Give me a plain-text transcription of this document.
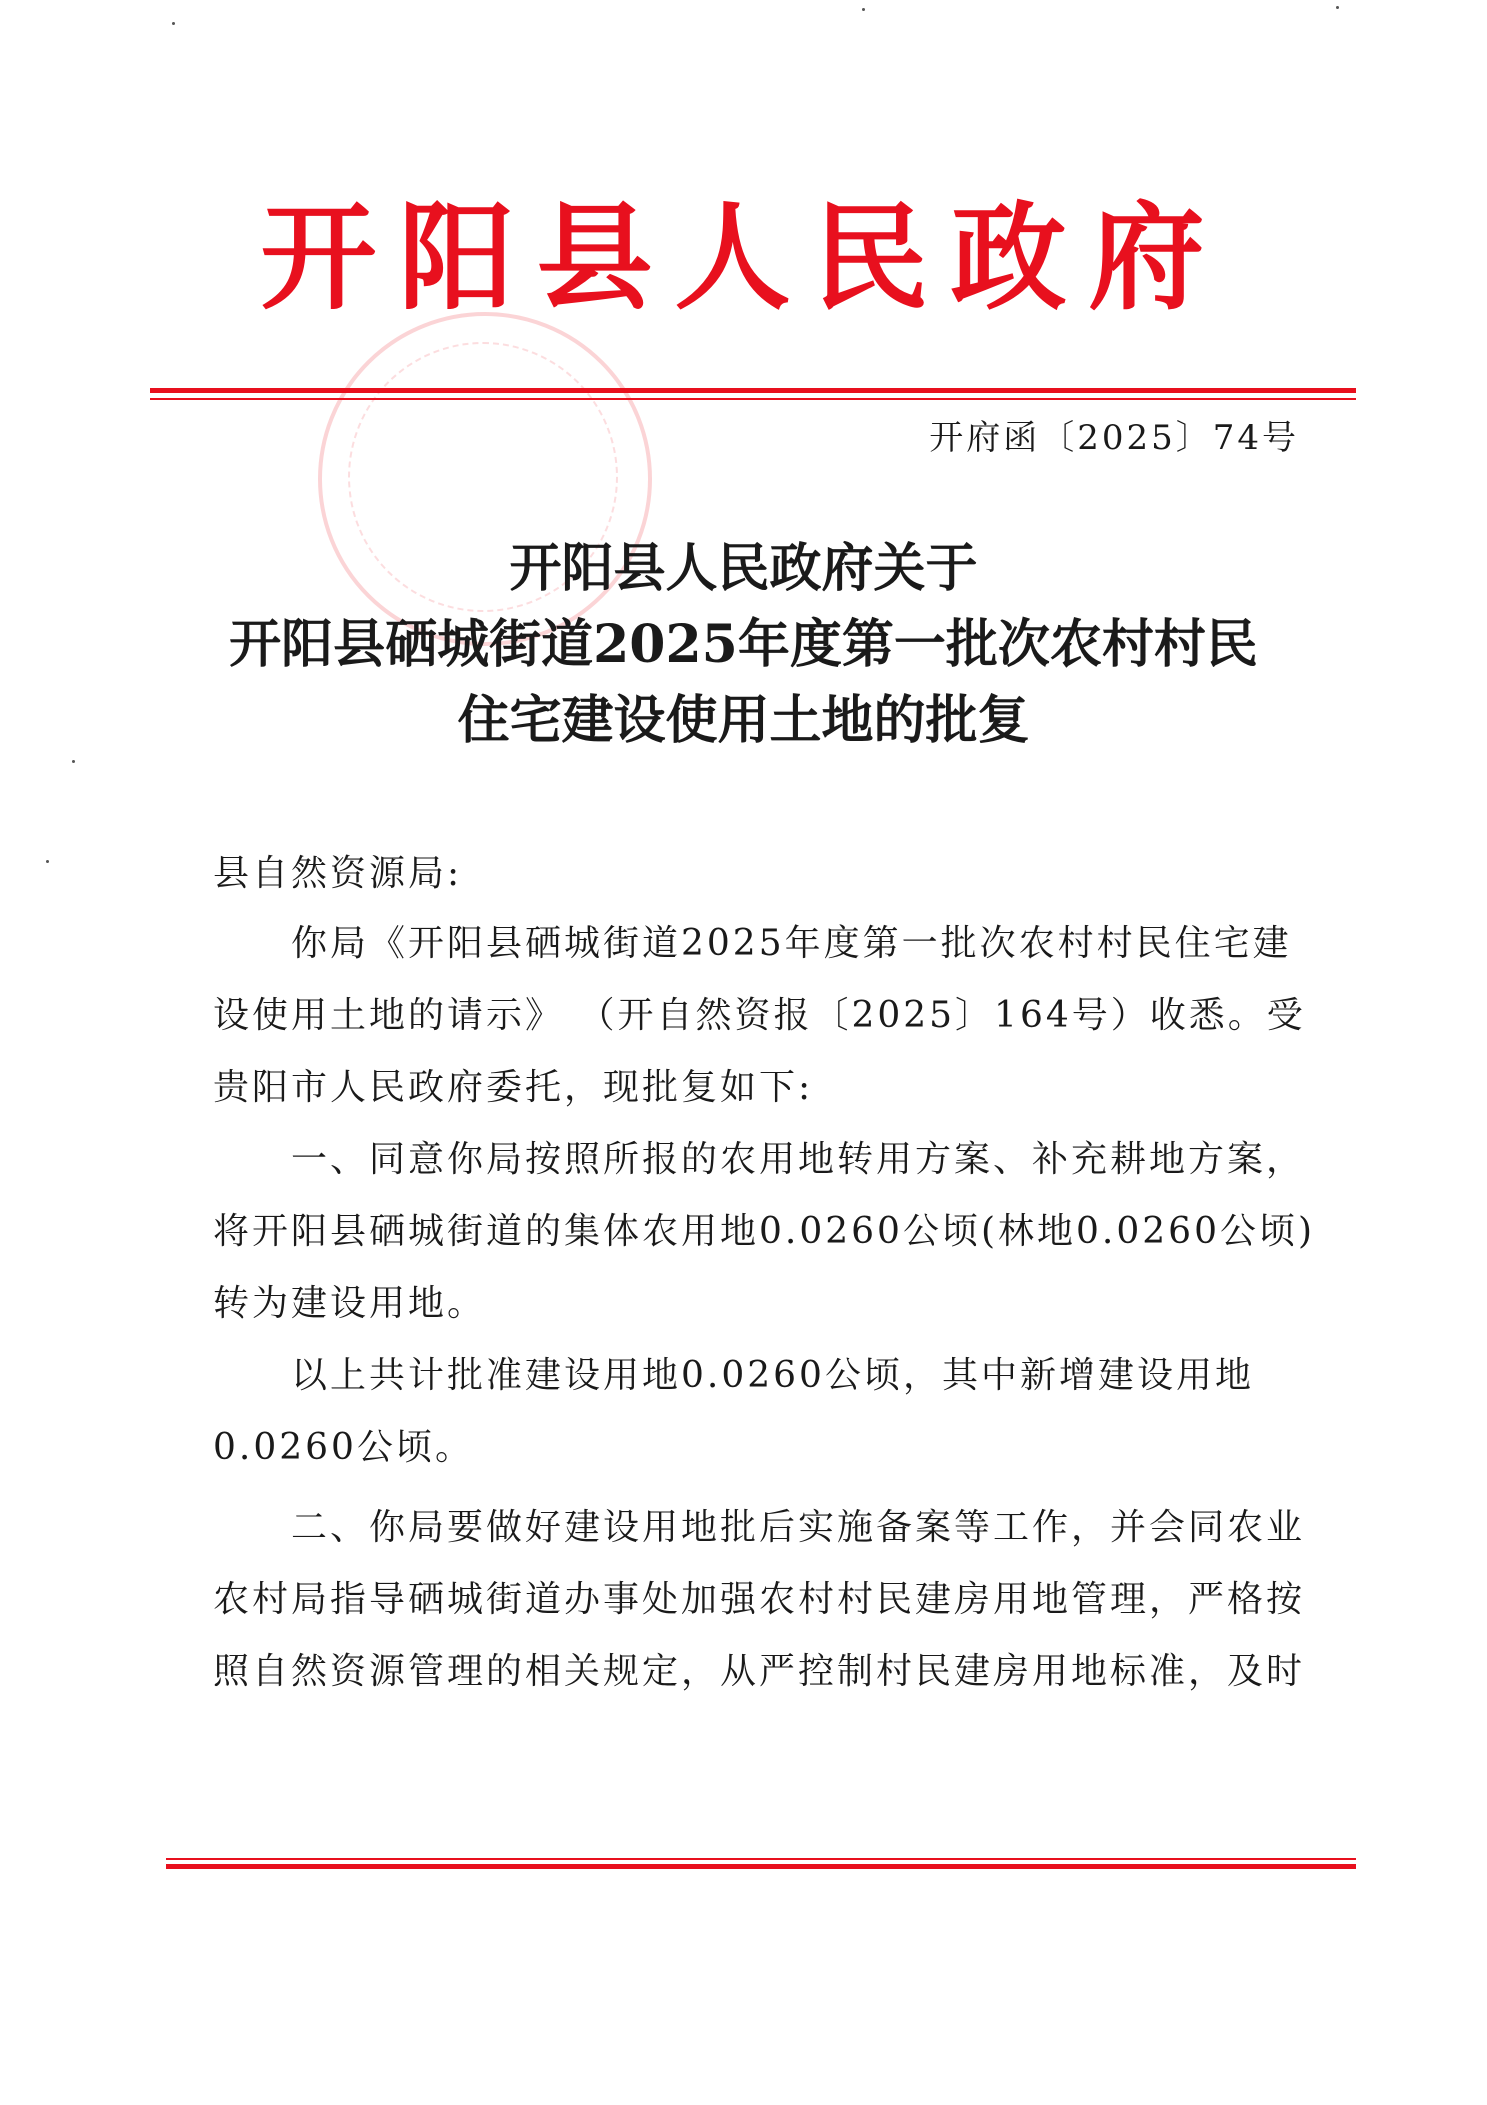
开阳县人民政府
开府函〔2025〕74号
开阳县人民政府关于
开阳县硒城街道2025年度第一批次农村村民
住宅建设使用土地的批复
县自然资源局:
你局《开阳县硒城街道2025年度第一批次农村村民住宅建
设使用土地的请示》 （开自然资报〔2025〕164号）收悉。受
贵阳市人民政府委托，现批复如下:
一、同意你局按照所报的农用地转用方案、补充耕地方案，
将开阳县硒城街道的集体农用地0.0260公顷(林地0.0260公顷)
转为建设用地。
以上共计批准建设用地0.0260公顷，其中新增建设用地
0.0260公顷。
二、你局要做好建设用地批后实施备案等工作，并会同农业
农村局指导硒城街道办事处加强农村村民建房用地管理，严格按
照自然资源管理的相关规定，从严控制村民建房用地标准，及时
